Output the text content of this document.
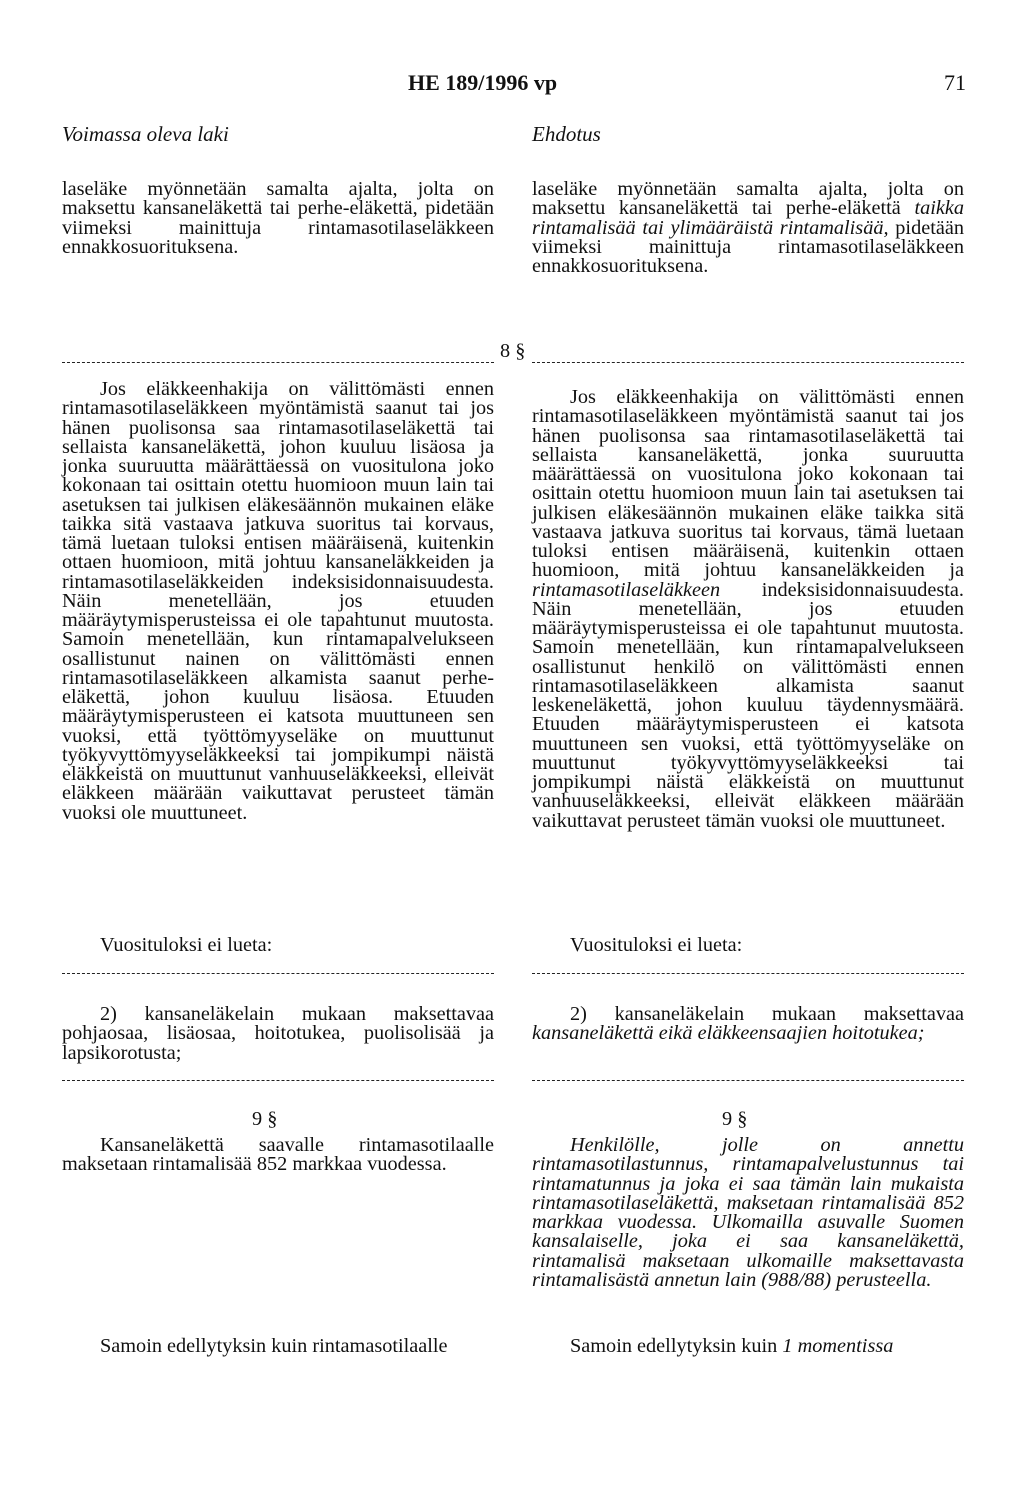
HE 189/1996 vp	71
Voimassa oleva laki	Ehdotus

laseläke myönnetään samalta ajalta, jolta on maksettu kansaneläkettä tai perhe-eläkettä, pidetään viimeksi mainittuja rintamasotilaseläkkeen ennakkosuorituksena.

Jos eläkkeenhakija on välittömästi ennen rintamasotilaseläkkeen myöntämistä saanut tai jos hänen puolisonsa saa rintamasotilaseläkettä tai sellaista kansaneläkettä, johon kuuluu lisäosa ja jonka suuruutta määrättäessä on vuositulona joko kokonaan tai osittain otettu huomioon muun lain tai asetuksen tai julkisen eläkesäännön mukainen eläke taikka sitä vastaava jatkuva suoritus tai korvaus, tämä luetaan tuloksi entisen määräisenä, kuitenkin ottaen huomioon, mitä johtuu kansaneläkkeiden ja rintamasotilaseläkkeiden indeksisidonnaisuudesta. Näin menetellään, jos etuuden määräytymisperusteissa ei ole tapahtunut muutosta. Samoin menetellään, kun rintamapalvelukseen osallistunut nainen on välittömästi ennen rintamasotilaseläkkeen alkamista saanut perhe-eläkettä, johon kuuluu lisäosa. Etuuden määräytymisperusteen ei katsota muuttuneen sen vuoksi, että työttömyyseläke on muuttunut työkyvyttömyyseläkkeeksi tai jompikumpi näistä eläkkeistä on muuttunut vanhuuseläkkeeksi, elleivät eläkkeen määrään vaikuttavat perusteet tämän vuoksi ole muuttuneet.

Vuosituloksi ei lueta:

2) kansaneläkelain mukaan maksettavaa pohjaosaa, lisäosaa, hoitotukea, puolisolisää ja lapsikorotusta;

9 §

Kansaneläkettä saavalle rintamasotilaalle maksetaan rintamalisää 852 markkaa vuodessa.

Samoin edellytyksin kuin rintamasotilaalle

8 §

laseläke myönnetään samalta ajalta, jolta on maksettu kansaneläkettä tai perhe-eläkettä taikka rintamalisää tai ylimääräistä rintamalisää, pidetään viimeksi mainittuja rintamasotilaseläkkeen ennakkosuorituksena.

Jos eläkkeenhakija on välittömästi ennen rintamasotilaseläkkeen myöntämistä saanut tai jos hänen puolisonsa saa rintamasotilaseläkettä tai sellaista kansaneläkettä, jonka suuruutta määrättäessä on vuositulona joko kokonaan tai osittain otettu huomioon muun lain tai asetuksen tai julkisen eläkesäännön mukainen eläke taikka sitä vastaava jatkuva suoritus tai korvaus, tämä luetaan tuloksi entisen määräisenä, kuitenkin ottaen huomioon, mitä johtuu kansaneläkkeiden ja rintamasotilaseläkkeen indeksisidonnaisuudesta. Näin menetellään, jos etuuden määräytymisperusteissa ei ole tapahtunut muutosta. Samoin menetellään, kun rintamapalvelukseen osallistunut henkilö on välittömästi ennen rintamasotilaseläkkeen alkamista saanut leskeneläkettä, johon kuuluu täydennysmäärä. Etuuden määräytymisperusteen ei katsota muuttuneen sen vuoksi, että työttömyyseläke on muuttunut työkyvyttömyyseläkkeeksi tai jompikumpi näistä eläkkeistä on muuttunut vanhuuseläkkeeksi, elleivät eläkkeen määrään vaikuttavat perusteet tämän vuoksi ole muuttuneet.

Vuosituloksi ei lueta:

2) kansaneläkelain mukaan maksettavaa kansaneläkettä eikä eläkkeensaajien hoitotukea;

9 §

Henkilölle, jolle on annettu rintamasotilastunnus, rintamapalvelustunnus tai rintamatunnus ja joka ei saa tämän lain mukaista rintamasotilaseläkettä, maksetaan rintamalisää 852 markkaa vuodessa. Ulkomailla asuvalle Suomen kansalaiselle, joka ei saa kansaneläkettä, rintamalisä maksetaan ulkomaille maksettavasta rintamalisästä annetun lain (988/88) perusteella.

Samoin edellytyksin kuin 1 momentissa
